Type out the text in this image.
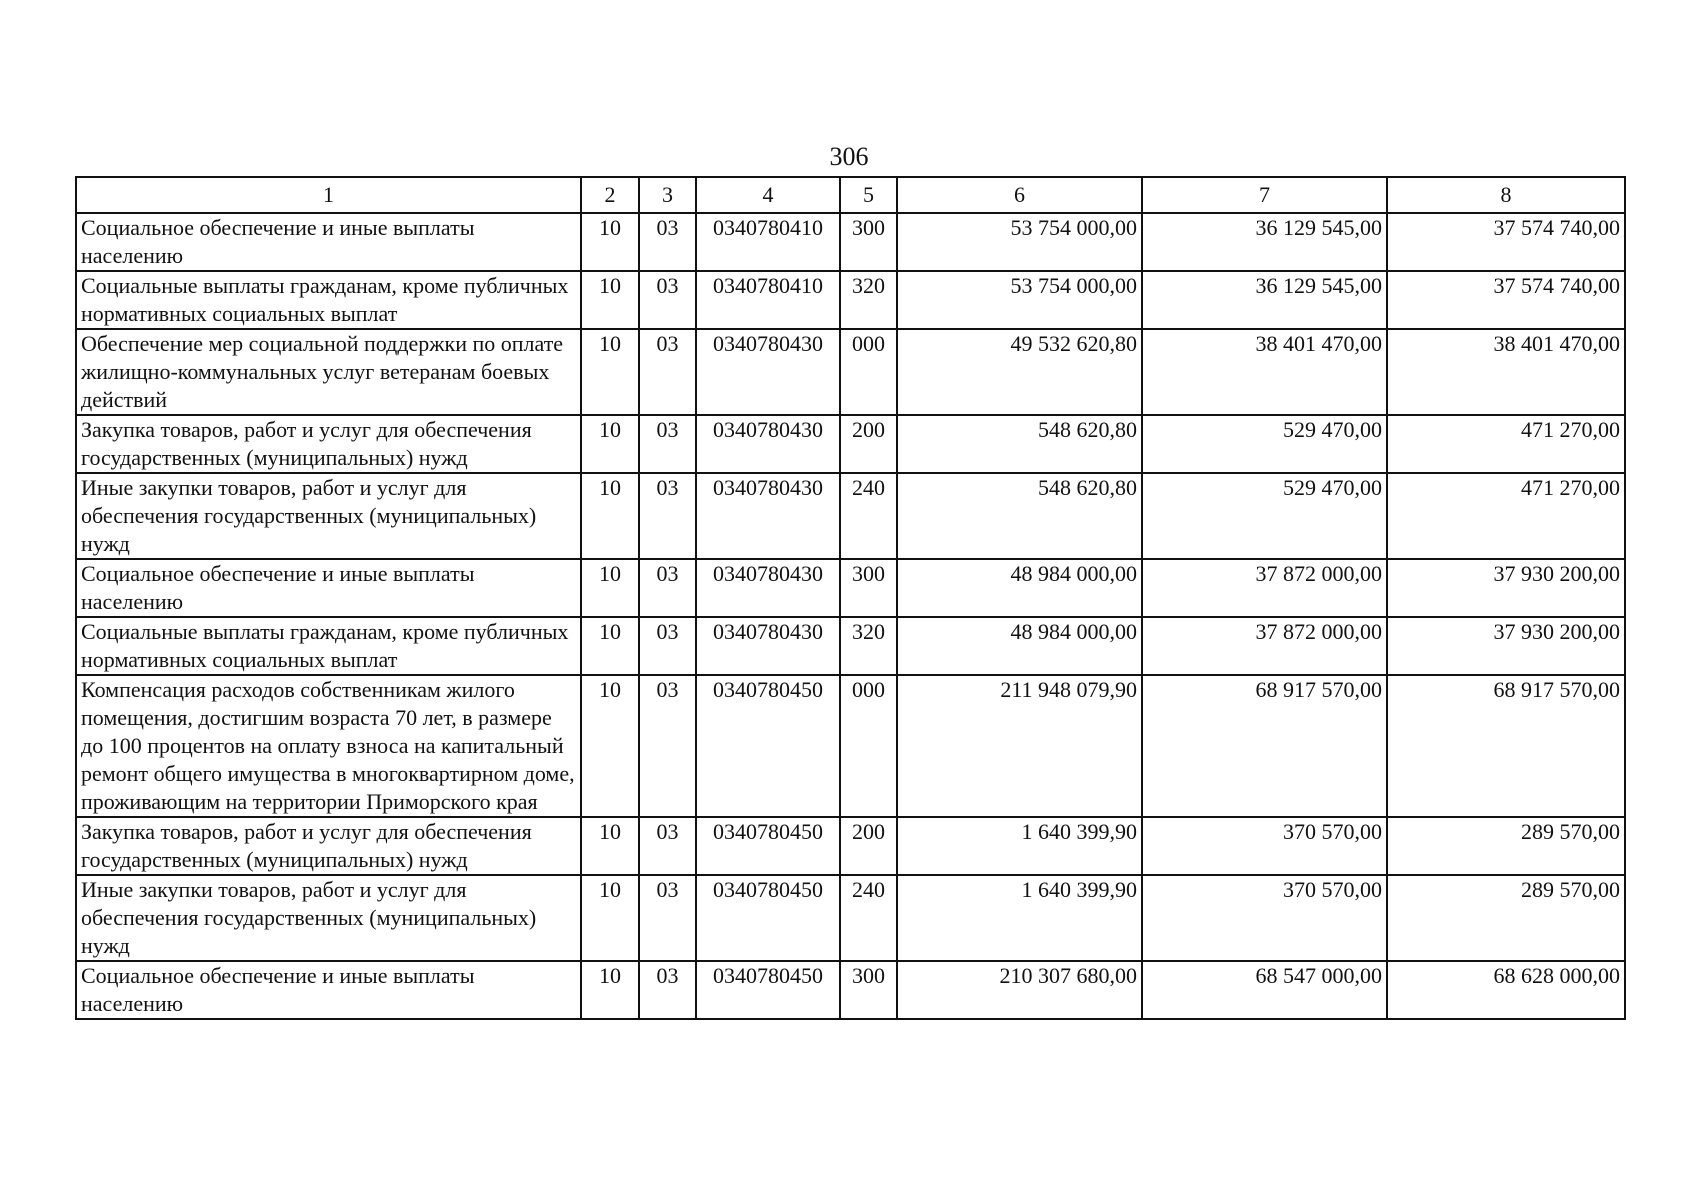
306
1	2	3	4	5	6	7	8
Социальное обеспечение и иные выплаты населению	10	03	0340780410	300	53 754 000,00	36 129 545,00	37 574 740,00
Социальные выплаты гражданам, кроме публичных нормативных социальных выплат	10	03	0340780410	320	53 754 000,00	36 129 545,00	37 574 740,00
Обеспечение мер социальной поддержки по оплате жилищно-коммунальных услуг ветеранам боевых действий	10	03	0340780430	000	49 532 620,80	38 401 470,00	38 401 470,00
Закупка товаров, работ и услуг для обеспечения государственных (муниципальных) нужд	10	03	0340780430	200	548 620,80	529 470,00	471 270,00
Иные закупки товаров, работ и услуг для обеспечения государственных (муниципальных) нужд	10	03	0340780430	240	548 620,80	529 470,00	471 270,00
Социальное обеспечение и иные выплаты населению	10	03	0340780430	300	48 984 000,00	37 872 000,00	37 930 200,00
Социальные выплаты гражданам, кроме публичных нормативных социальных выплат	10	03	0340780430	320	48 984 000,00	37 872 000,00	37 930 200,00
Компенсация расходов собственникам жилого помещения, достигшим возраста 70 лет, в размере до 100 процентов на оплату взноса на капитальный ремонт общего имущества в многоквартирном доме, проживающим на территории Приморского края	10	03	0340780450	000	211 948 079,90	68 917 570,00	68 917 570,00
Закупка товаров, работ и услуг для обеспечения государственных (муниципальных) нужд	10	03	0340780450	200	1 640 399,90	370 570,00	289 570,00
Иные закупки товаров, работ и услуг для обеспечения государственных (муниципальных) нужд	10	03	0340780450	240	1 640 399,90	370 570,00	289 570,00
Социальное обеспечение и иные выплаты населению	10	03	0340780450	300	210 307 680,00	68 547 000,00	68 628 000,00
